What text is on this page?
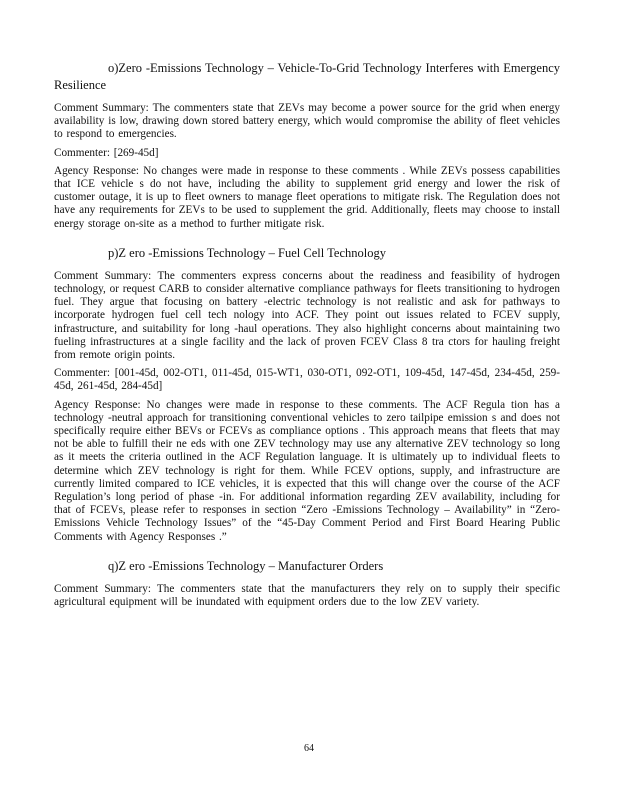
o)Zero -Emissions Technology – Vehicle-To-Grid Technology Interferes with Emergency Resilience

Comment Summary: The commenters state that ZEVs may become a power source for the grid when energy availability is low, drawing down stored battery energy, which would compromise the ability of fleet vehicles to respond to emergencies.

Commenter: [269-45d]

Agency Response: No changes were made in response to these comments . While ZEVs possess capabilities that ICE vehicle s do not have, including the ability to supplement grid energy and lower the risk of customer outage, it is up to fleet owners to manage fleet operations to mitigate risk. The Regulation does not have any requirements for ZEVs to be used to supplement the grid. Additionally, fleets may choose to install energy storage on-site as a method to further mitigate risk.

p)Z ero -Emissions Technology – Fuel Cell Technology

Comment Summary: The commenters express concerns about the readiness and feasibility of hydrogen technology, or request CARB to consider alternative compliance pathways for fleets transitioning to hydrogen fuel. They argue that focusing on battery -electric technology is not realistic and ask for pathways to incorporate hydrogen fuel cell tech nology into ACF. They point out issues related to FCEV supply, infrastructure, and suitability for long -haul operations. They also highlight concerns about maintaining two fueling infrastructures at a single facility and the lack of proven FCEV Class 8 tra ctors for hauling freight from remote origin points.

Commenter: [001-45d, 002-OT1, 011-45d, 015-WT1, 030-OT1, 092-OT1, 109-45d, 147-45d, 234-45d, 259-45d, 261-45d, 284-45d]

Agency Response: No changes were made in response to these comments. The ACF Regula tion has a technology -neutral approach for transitioning conventional vehicles to zero tailpipe emission s and does not specifically require either BEVs or FCEVs as compliance options . This approach means that fleets that may not be able to fulfill their ne eds with one ZEV technology may use any alternative ZEV technology so long as it meets the criteria outlined in the ACF Regulation language. It is ultimately up to individual fleets to determine which ZEV technology is right for them. While FCEV options, supply, and infrastructure are currently limited compared to ICE vehicles, it is expected that this will change over the course of the ACF Regulation’s long period of phase -in. For additional information regarding ZEV availability, including for that of FCEVs, please refer to responses in section “Zero -Emissions Technology – Availability” in “Zero-Emissions Vehicle Technology Issues” of the “45-Day Comment Period and First Board Hearing Public Comments with Agency Responses .”

q)Z ero -Emissions Technology – Manufacturer Orders

Comment Summary: The commenters state that the manufacturers they rely on to supply their specific agricultural equipment will be inundated with equipment orders due to the low ZEV variety.

64
